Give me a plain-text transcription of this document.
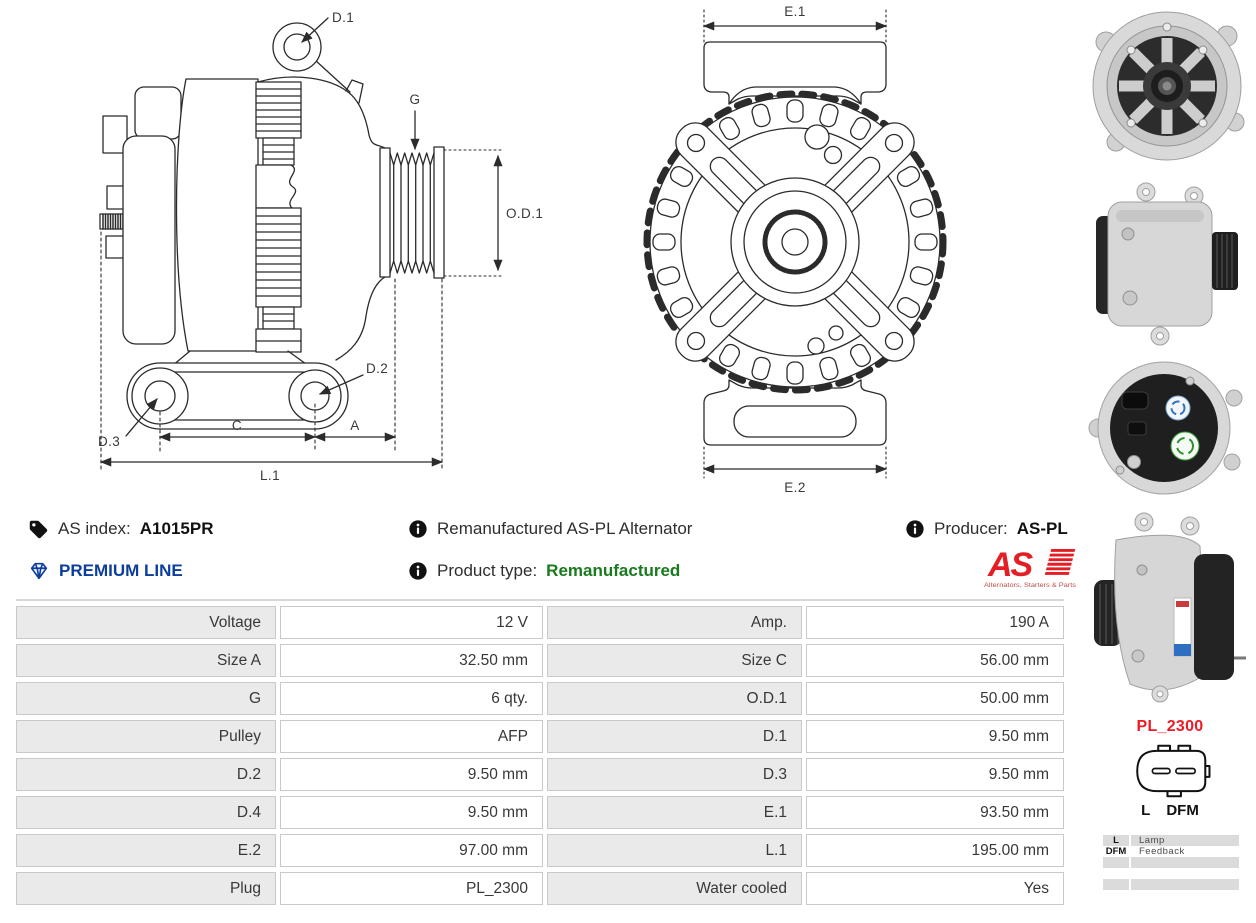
D.1
G
O.D.1
D.2
D.3
C	A
L.1
E.1
E.2
AS index: A1015PR
PREMIUM LINE
Remanufactured AS-PL Alternator
Product type: Remanufactured
Producer: AS-PL
AS
Alternators, Starters & Parts
Voltage	12 V	Amp.	190 A
Size A	32.50 mm	Size C	56.00 mm
G	6 qty.	O.D.1	50.00 mm
Pulley	AFP	D.1	9.50 mm
D.2	9.50 mm	D.3	9.50 mm
D.4	9.50 mm	E.1	93.50 mm
E.2	97.00 mm	L.1	195.00 mm
Plug	PL_2300	Water cooled	Yes
PL_2300
L DFM
L	Lamp
DFM	Feedback
